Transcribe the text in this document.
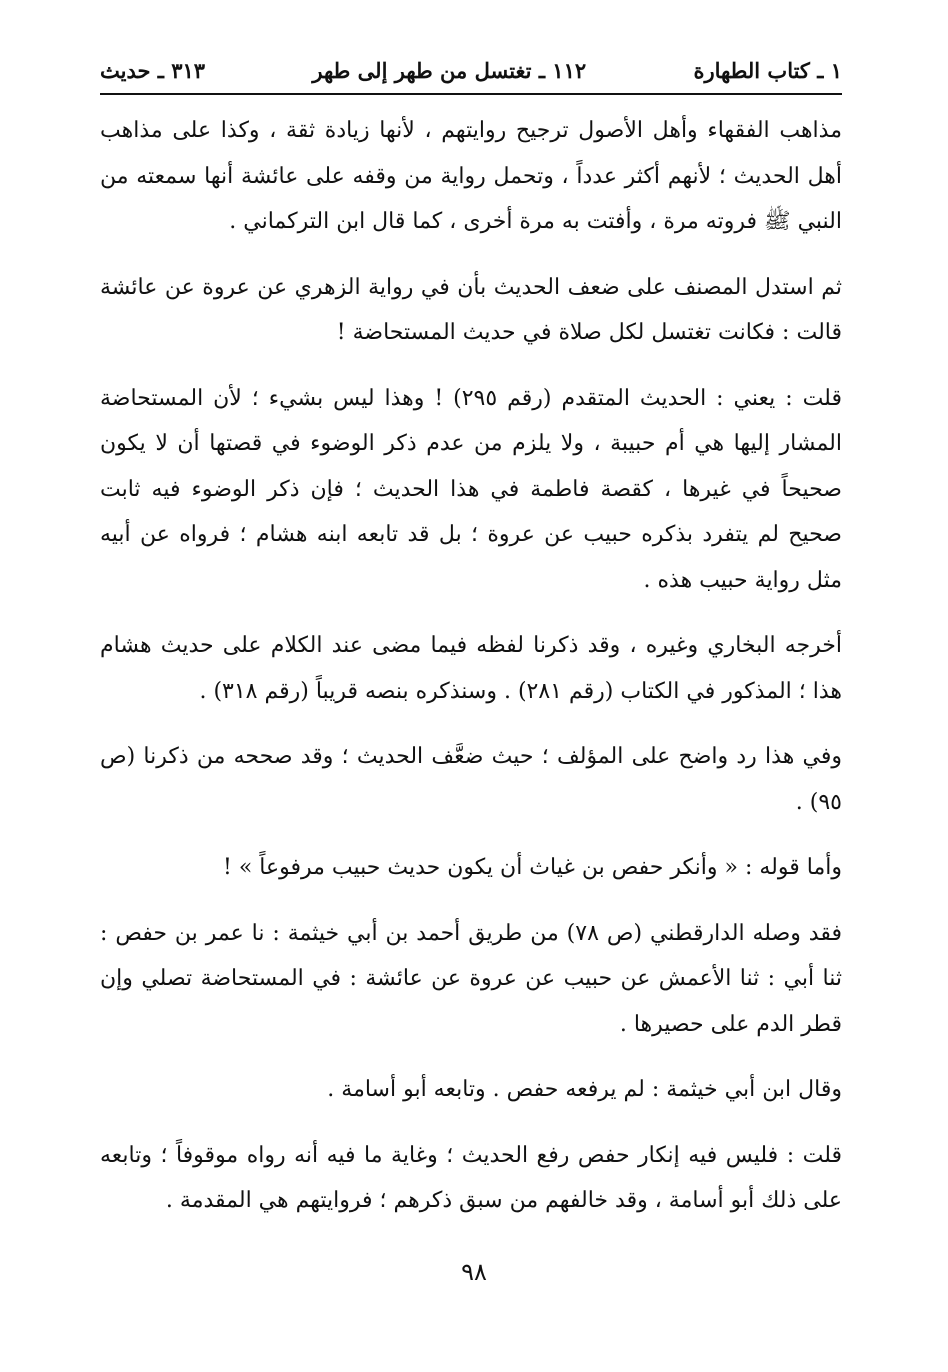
١ ـ كتاب الطهارة
١١٢ ـ تغتسل من طهر إلى طهر
٣١٣ ـ حديث

مذاهب الفقهاء وأهل الأصول ترجيح روايتهم ، لأنها زيادة ثقة ، وكذا على مذاهب أهل الحديث ؛ لأنهم أكثر عدداً ، وتحمل رواية من وقفه على عائشة أنها سمعته من النبي ﷺ فروته مرة ، وأفتت به مرة أخرى ، كما قال ابن التركماني .

ثم استدل المصنف على ضعف الحديث بأن في رواية الزهري عن عروة عن عائشة قالت : فكانت تغتسل لكل صلاة في حديث المستحاضة !

قلت : يعني : الحديث المتقدم (رقم ٢٩٥) ! وهذا ليس بشيء ؛ لأن المستحاضة المشار إليها هي أم حبيبة ، ولا يلزم من عدم ذكر الوضوء في قصتها أن لا يكون صحيحاً في غيرها ، كقصة فاطمة في هذا الحديث ؛ فإن ذكر الوضوء فيه ثابت صحيح لم يتفرد بذكره حبيب عن عروة ؛ بل قد تابعه ابنه هشام ؛ فرواه عن أبيه مثل رواية حبيب هذه .

أخرجه البخاري وغيره ، وقد ذكرنا لفظه فيما مضى عند الكلام على حديث هشام هذا ؛ المذكور في الكتاب (رقم ٢٨١) . وسنذكره بنصه قريباً (رقم ٣١٨) .

وفي هذا رد واضح على المؤلف ؛ حيث ضعَّف الحديث ؛ وقد صححه من ذكرنا (ص ٩٥) .

وأما قوله : « وأنكر حفص بن غياث أن يكون حديث حبيب مرفوعاً » !

فقد وصله الدارقطني (ص ٧٨) من طريق أحمد بن أبي خيثمة : نا عمر بن حفص : ثنا أبي : ثنا الأعمش عن حبيب عن عروة عن عائشة : في المستحاضة تصلي وإن قطر الدم على حصيرها .

وقال ابن أبي خيثمة : لم يرفعه حفص . وتابعه أبو أسامة .

قلت : فليس فيه إنكار حفص رفع الحديث ؛ وغاية ما فيه أنه رواه موقوفاً ؛ وتابعه على ذلك أبو أسامة ، وقد خالفهم من سبق ذكرهم ؛ فروايتهم هي المقدمة .

٩٨
